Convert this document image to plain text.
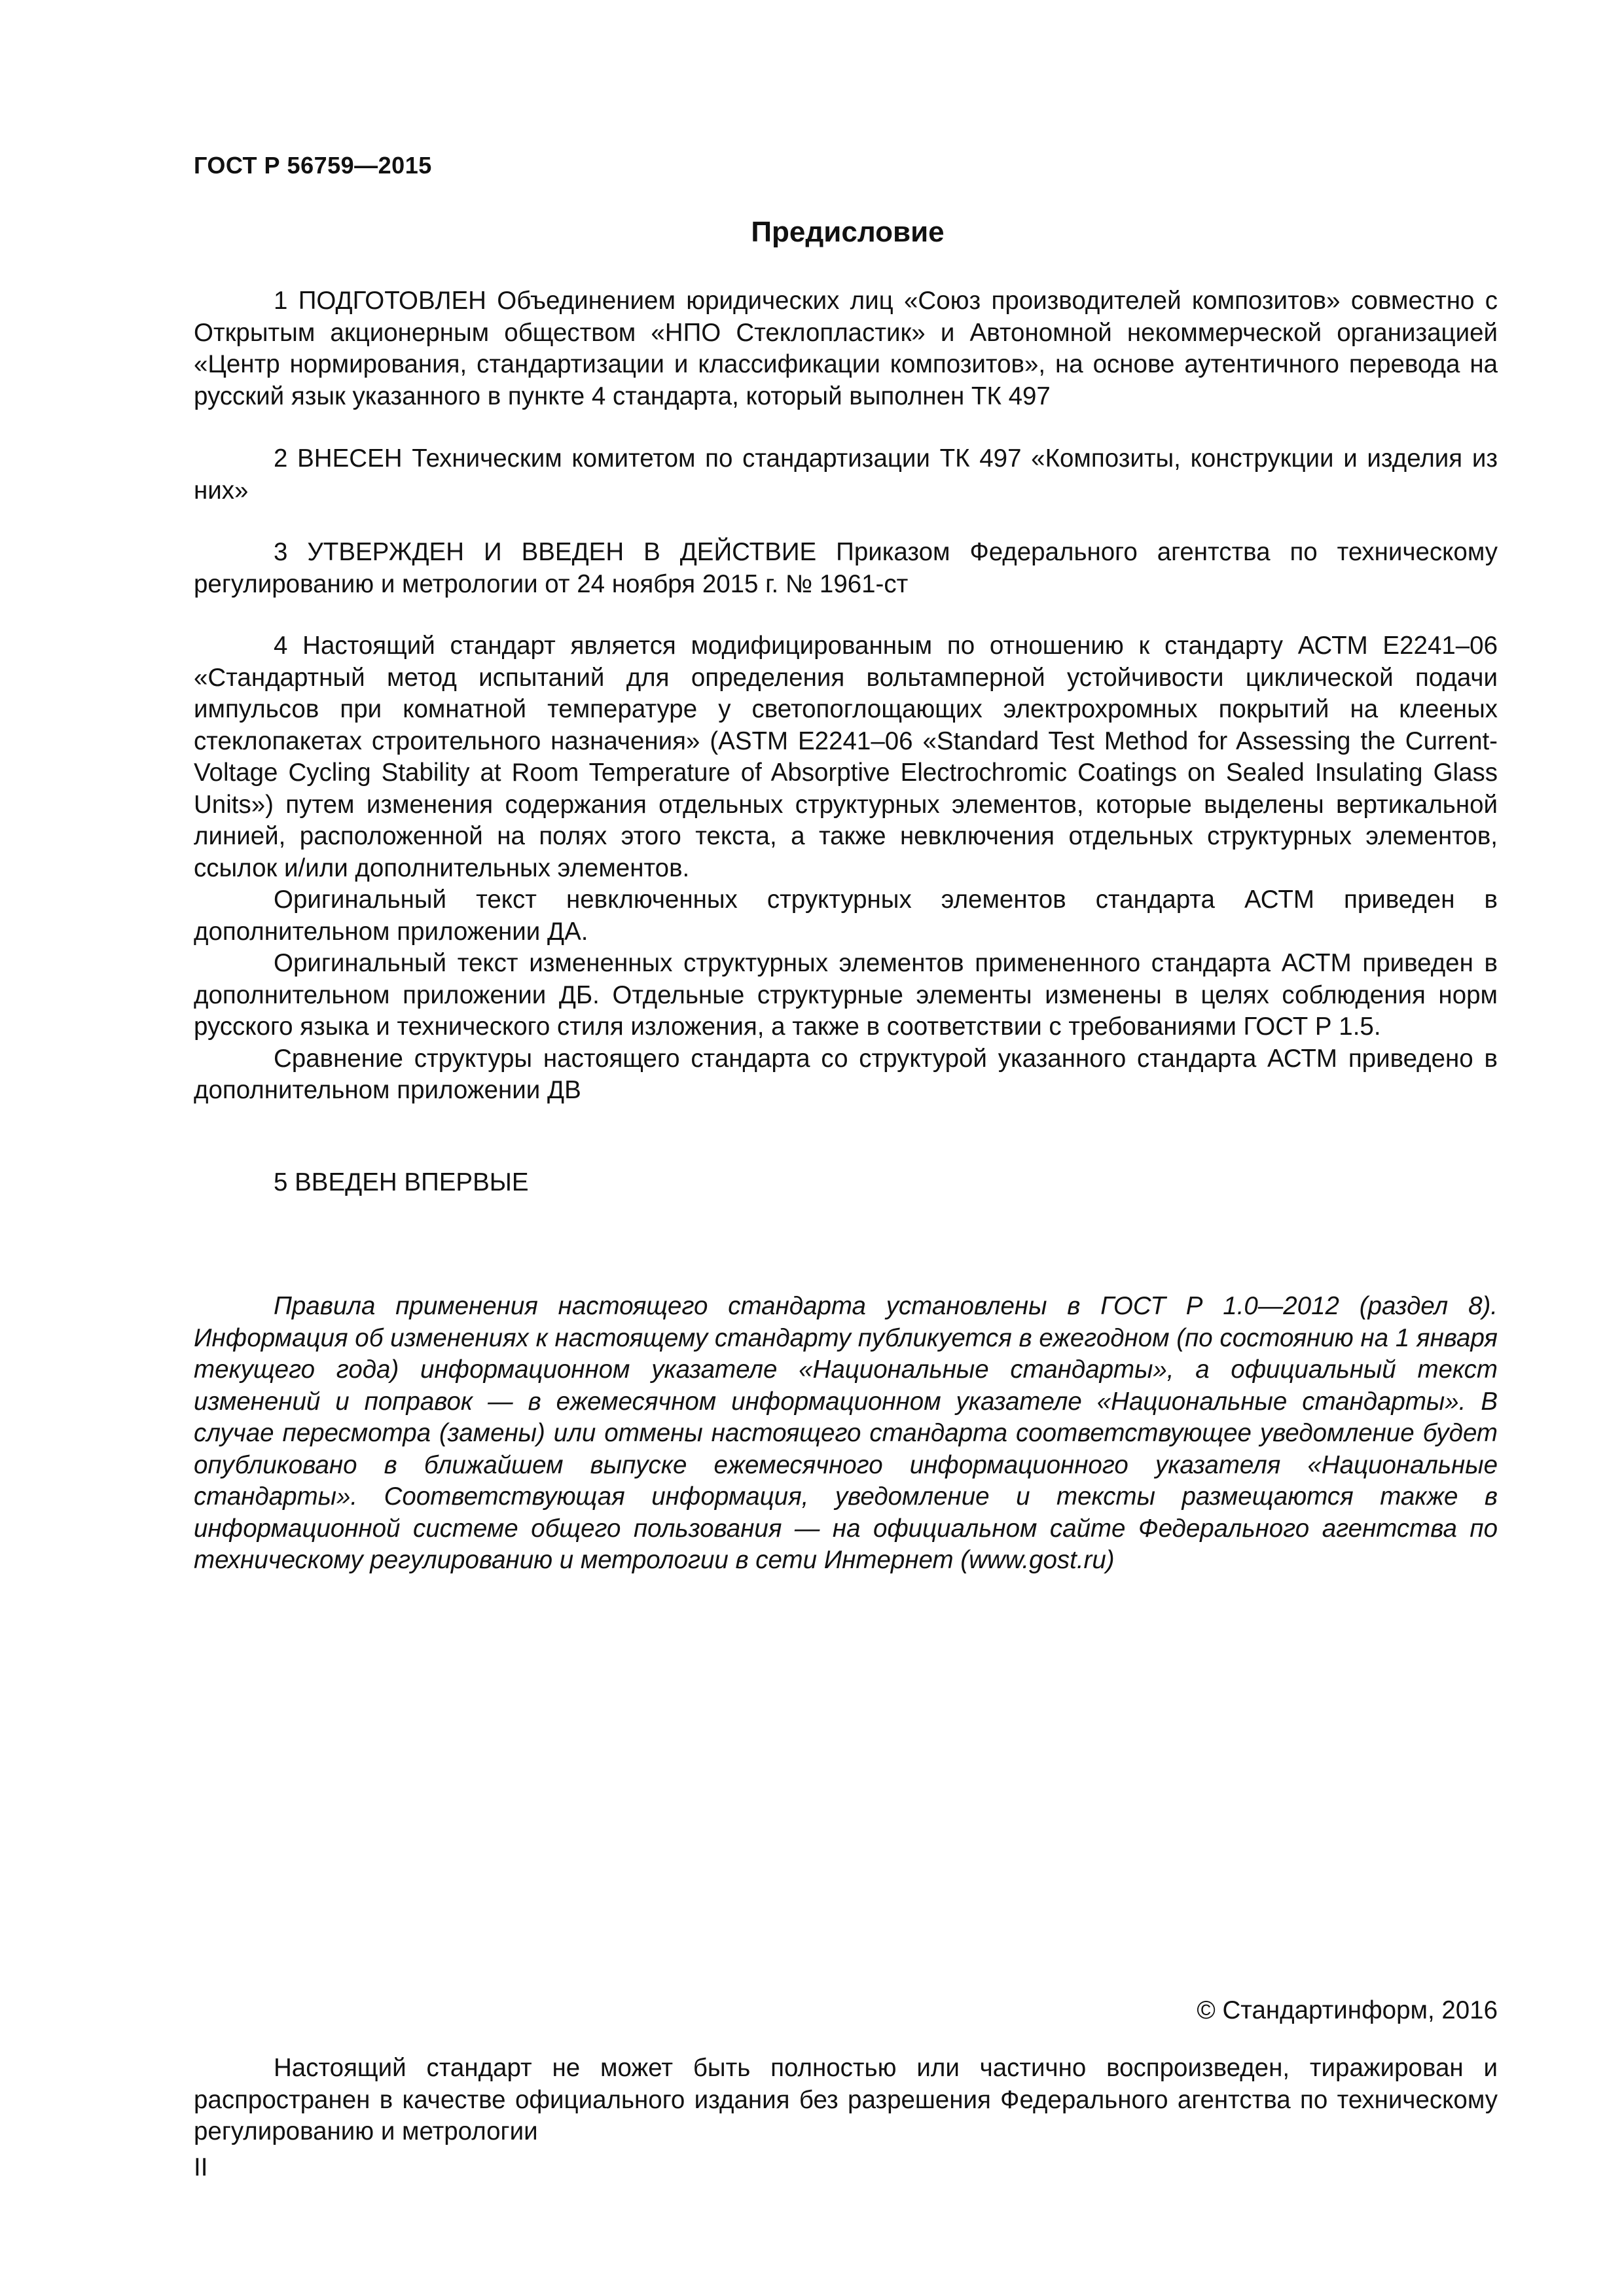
ГОСТ Р 56759—2015
Предисловие

1 ПОДГОТОВЛЕН Объединением юридических лиц «Союз производителей композитов» совместно с Открытым акционерным обществом «НПО Стеклопластик» и Автономной некоммерческой организацией «Центр нормирования, стандартизации и классификации композитов», на основе аутентичного перевода на русский язык указанного в пункте 4 стандарта, который выполнен ТК 497

2 ВНЕСЕН Техническим комитетом по стандартизации ТК 497 «Композиты, конструкции и изделия из них»

3 УТВЕРЖДЕН И ВВЕДЕН В ДЕЙСТВИЕ Приказом Федерального агентства по техническому регулированию и метрологии от 24 ноября 2015 г. № 1961-ст

4 Настоящий стандарт является модифицированным по отношению к стандарту АСТМ Е2241–06 «Стандартный метод испытаний для определения вольтамперной устойчивости циклической подачи импульсов при комнатной температуре у светопоглощающих электрохромных покрытий на клееных стеклопакетах строительного назначения» (ASTM E2241–06 «Standard Test Method for Assessing the Current-Voltage Cycling Stability at Room Temperature of Absorptive Electrochromic Coatings on Sealed Insulating Glass Units») путем изменения содержания отдельных структурных элементов, которые выделены вертикальной линией, расположенной на полях этого текста, а также невключения отдельных структурных элементов, ссылок и/или дополнительных элементов.

Оригинальный текст невключенных структурных элементов стандарта АСТМ приведен в дополнительном приложении ДА.

Оригинальный текст измененных структурных элементов примененного стандарта АСТМ приведен в дополнительном приложении ДБ. Отдельные структурные элементы изменены в целях соблюдения норм русского языка и технического стиля изложения, а также в соответствии с требованиями ГОСТ Р 1.5.

Сравнение структуры настоящего стандарта со структурой указанного стандарта АСТМ приведено в дополнительном приложении ДВ

5 ВВЕДЕН ВПЕРВЫЕ

Правила применения настоящего стандарта установлены в ГОСТ Р 1.0—2012 (раздел 8). Информация об изменениях к настоящему стандарту публикуется в ежегодном (по состоянию на 1 января текущего года) информационном указателе «Национальные стандарты», а официальный текст изменений и поправок — в ежемесячном информационном указателе «Национальные стандарты». В случае пересмотра (замены) или отмены настоящего стандарта соответствующее уведомление будет опубликовано в ближайшем выпуске ежемесячного информационного указателя «Национальные стандарты». Соответствующая информация, уведомление и тексты размещаются также в информационной системе общего пользования — на официальном сайте Федерального агентства по техническому регулированию и метрологии в сети Интернет (www.gost.ru)

© Стандартинформ, 2016

Настоящий стандарт не может быть полностью или частично воспроизведен, тиражирован и распространен в качестве официального издания без разрешения Федерального агентства по техническому регулированию и метрологии

II
